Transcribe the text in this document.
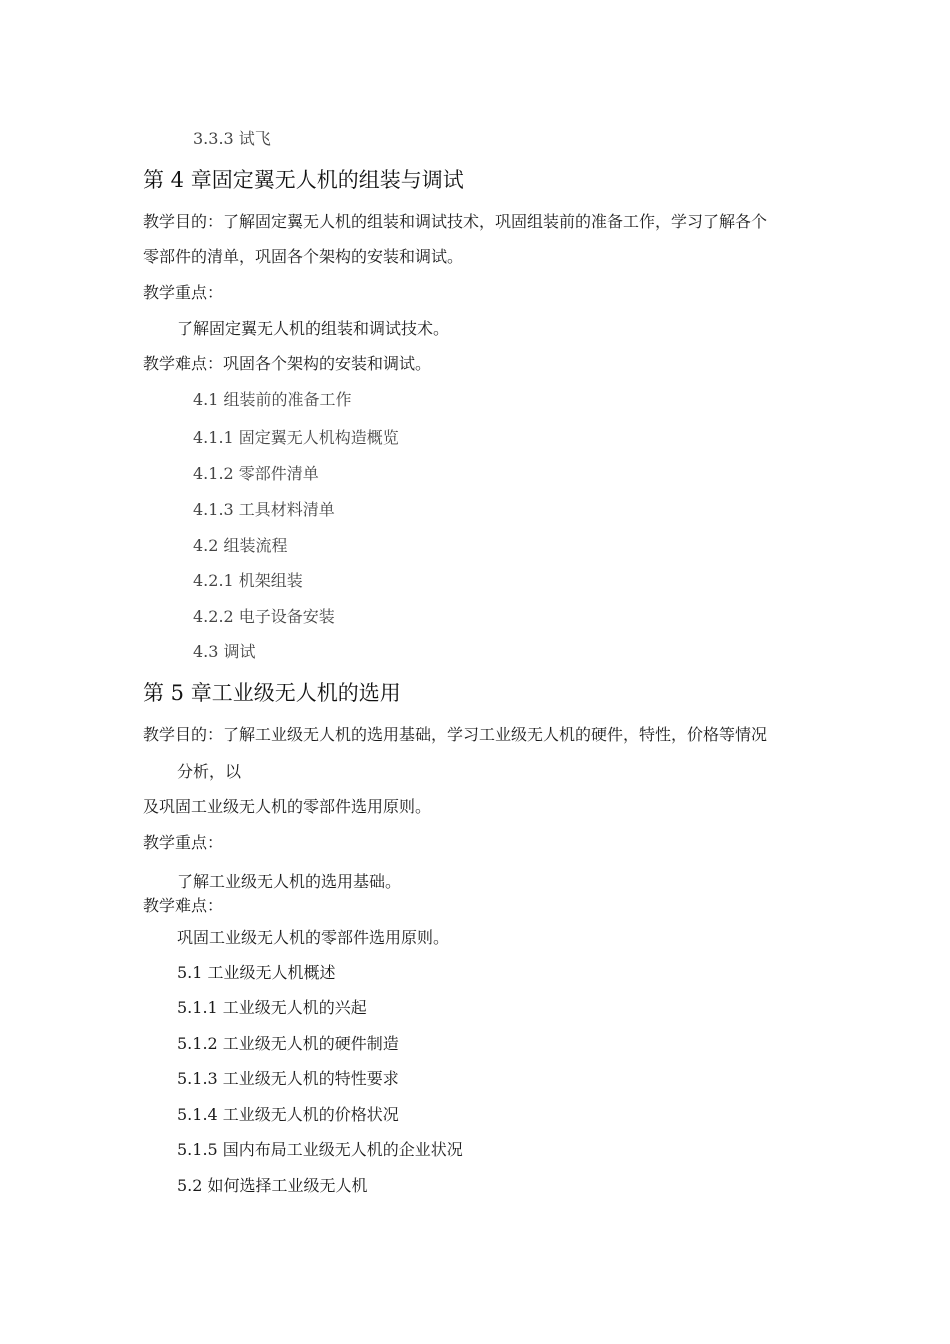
3.3.3 试飞
第 4 章固定翼无人机的组装与调试
教学目的：了解固定翼无人机的组装和调试技术，巩固组装前的准备工作，学习了解各个
零部件的清单，巩固各个架构的安装和调试。
教学重点：
了解固定翼无人机的组装和调试技术。
教学难点：巩固各个架构的安装和调试。
4.1 组装前的准备工作
4.1.1 固定翼无人机构造概览
4.1.2 零部件清单
4.1.3 工具材料清单
4.2 组装流程
4.2.1 机架组装
4.2.2 电子设备安装
4.3 调试
第 5 章工业级无人机的选用
教学目的：了解工业级无人机的选用基础，学习工业级无人机的硬件，特性，价格等情况
分析，以
及巩固工业级无人机的零部件选用原则。
教学重点：
了解工业级无人机的选用基础。
教学难点：
巩固工业级无人机的零部件选用原则。
5.1 工业级无人机概述
5.1.1 工业级无人机的兴起
5.1.2 工业级无人机的硬件制造
5.1.3 工业级无人机的特性要求
5.1.4 工业级无人机的价格状况
5.1.5 国内布局工业级无人机的企业状况
5.2 如何选择工业级无人机
